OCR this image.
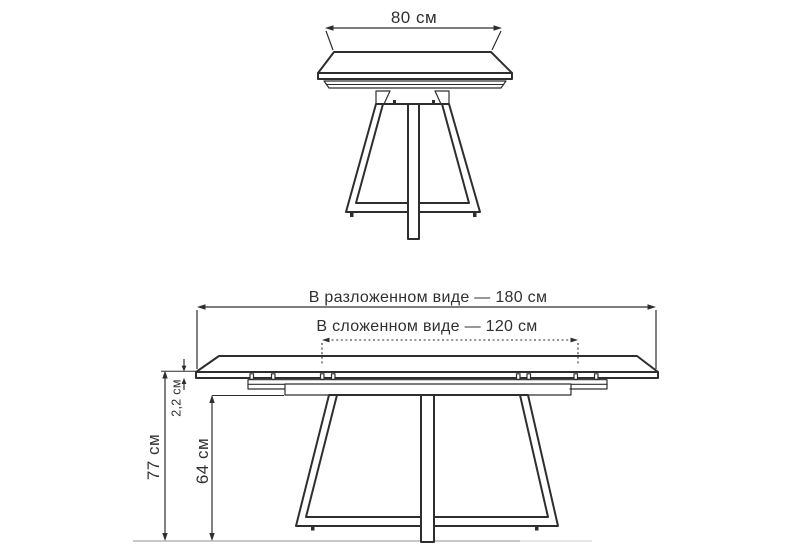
80 см
В разложенном виде — 180 см
В сложенном виде — 120 см
77 см 64 см
2,2 см
